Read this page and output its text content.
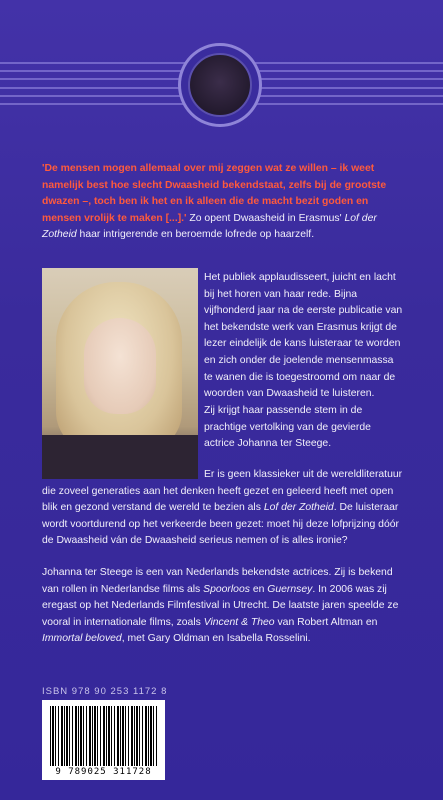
'De mensen mogen allemaal over mij zeggen wat ze willen – ik weet namelijk best hoe slecht Dwaasheid bekendstaat, zelfs bij de grootste dwazen –, toch ben ik het en ik alleen die de macht bezit goden en mensen vrolijk te maken [...].' Zo opent Dwaasheid in Erasmus' Lof der Zotheid haar intrigerende en beroemde lofrede op haarzelf.
Het publiek applaudisseert, juicht en lacht bij het horen van haar rede. Bijna vijfhonderd jaar na de eerste publicatie van het bekendste werk van Erasmus krijgt de lezer eindelijk de kans luisteraar te worden en zich onder de joelende mensenmassa te wanen die is toegestroomd om naar de woorden van Dwaasheid te luisteren.
Zij krijgt haar passende stem in de prachtige vertolking van de gevierde actrice Johanna ter Steege.
Er is geen klassieker uit de wereldliteratuur die zoveel generaties aan het denken heeft gezet en geleerd heeft met open blik en gezond verstand de wereld te bezien als Lof der Zotheid. De luisteraar wordt voortdurend op het verkeerde been gezet: moet hij deze lofprijzing dóór de Dwaasheid ván de Dwaasheid serieus nemen of is alles ironie?
Johanna ter Steege is een van Nederlands bekendste actrices. Zij is bekend van rollen in Nederlandse films als Spoorloos en Guernsey. In 2006 was zij eregast op het Nederlands Filmfestival in Utrecht. De laatste jaren speelde ze vooral in internationale films, zoals Vincent & Theo van Robert Altman en Immortal beloved, met Gary Oldman en Isabella Rosselini.
ISBN 978 90 253 1172 8
9 789025 311728
